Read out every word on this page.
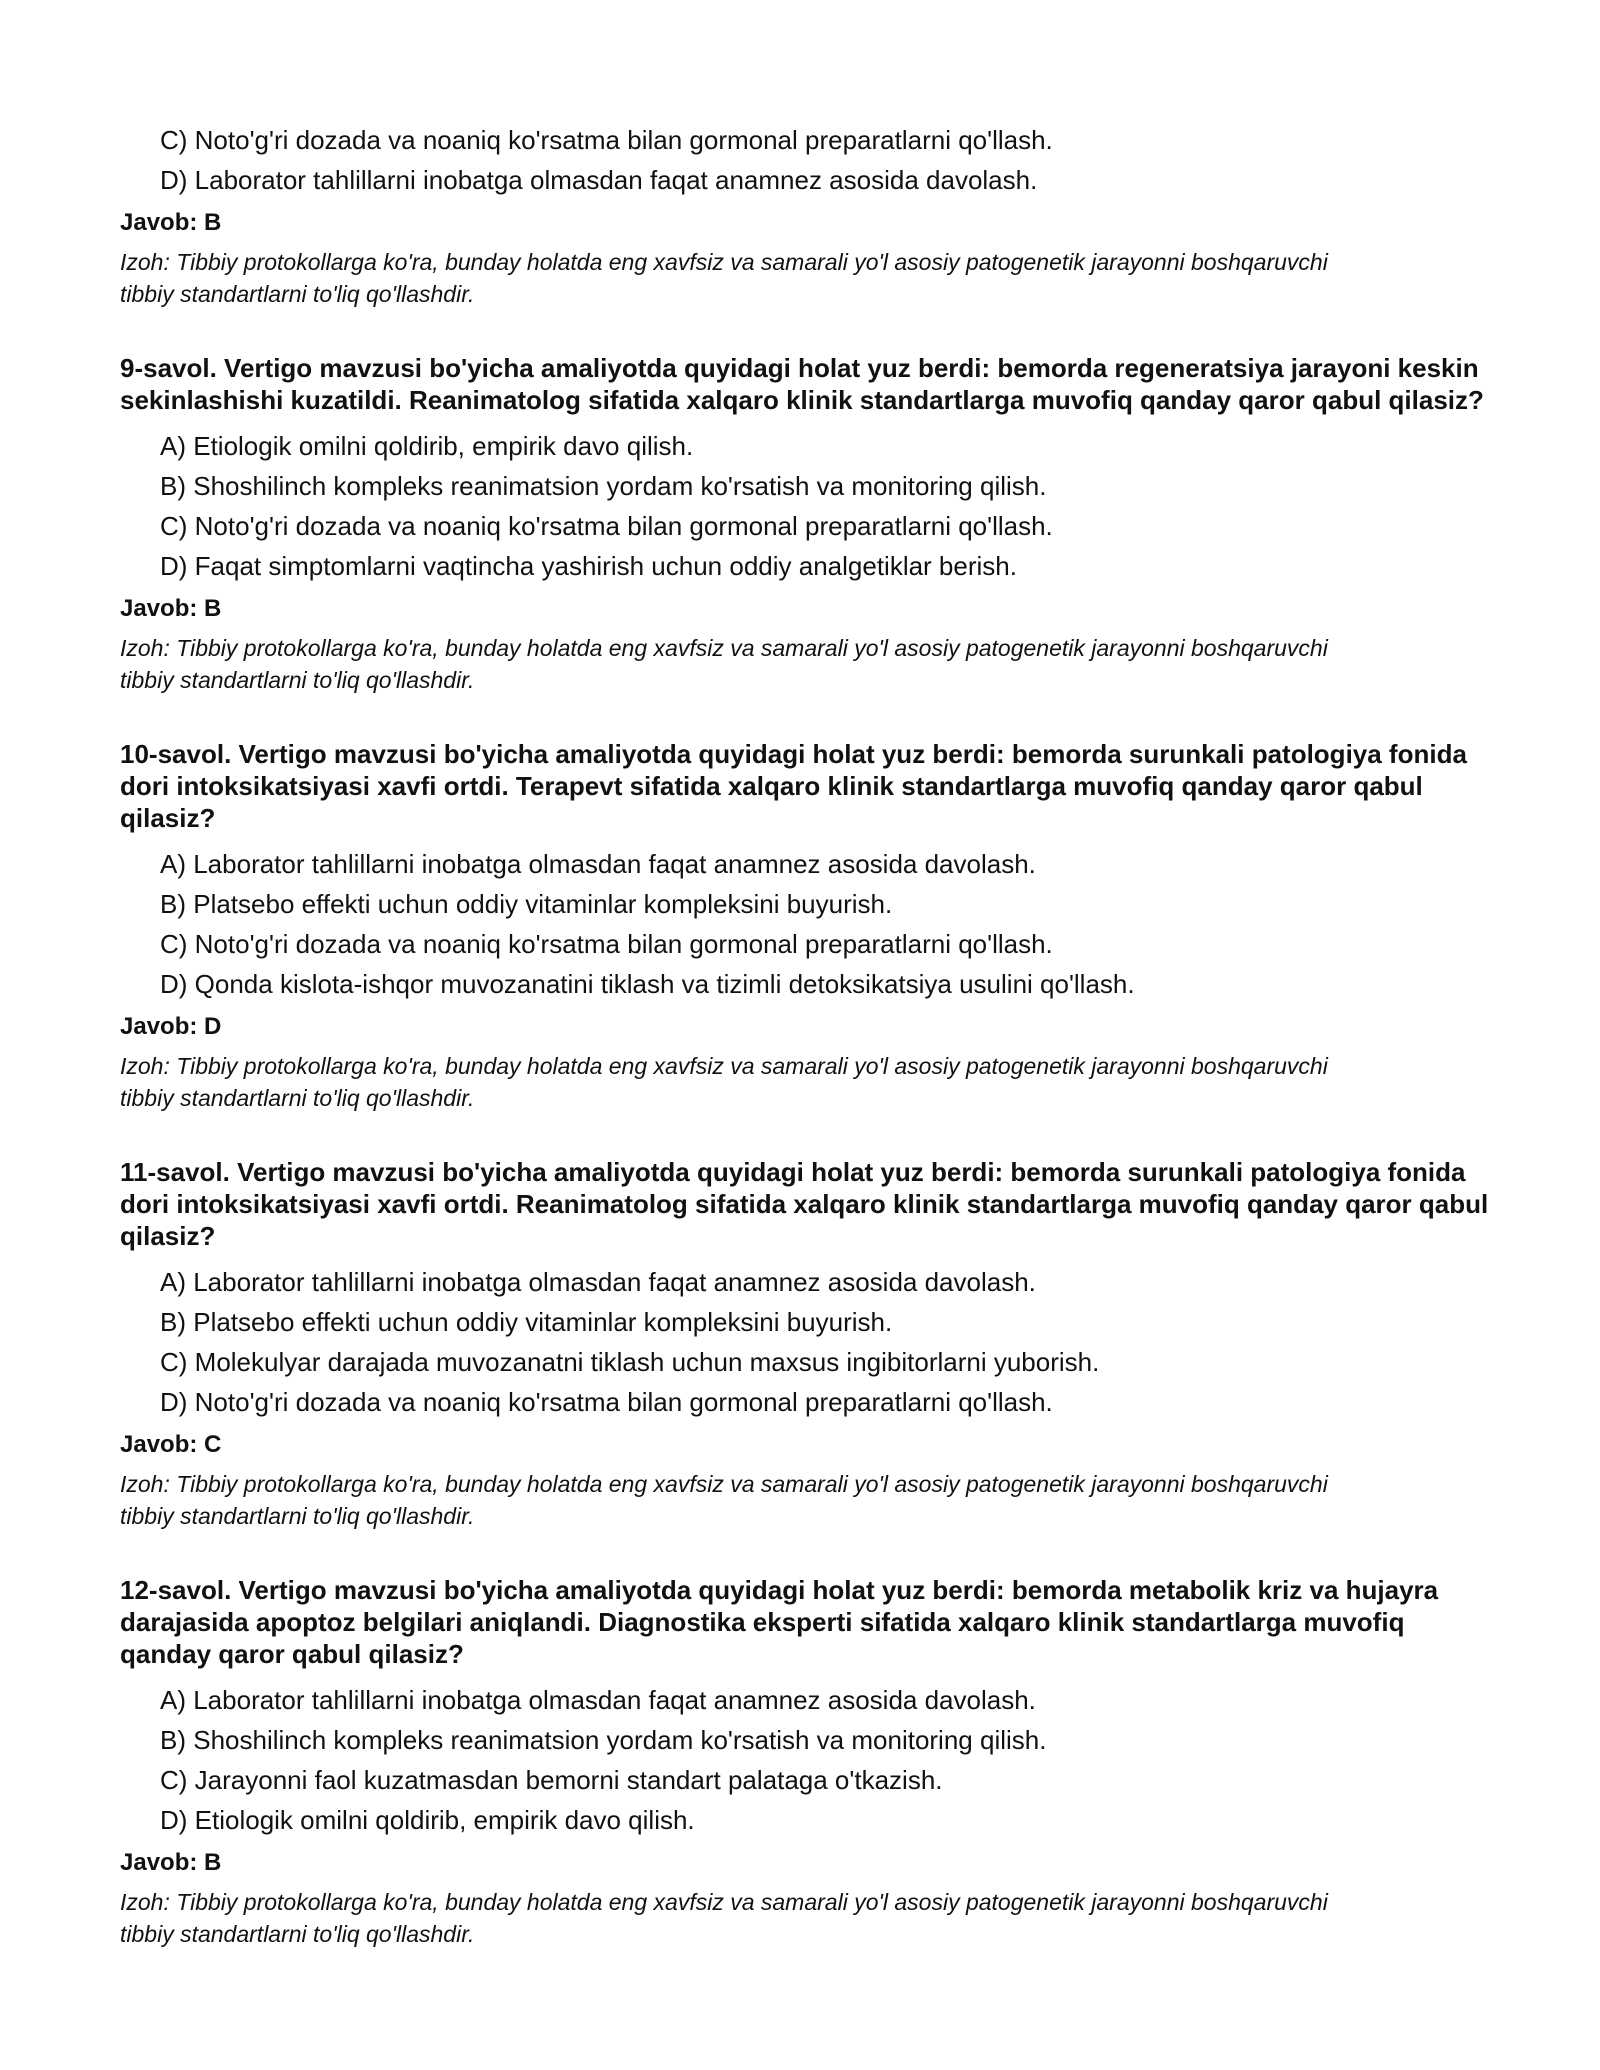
C) Noto'g'ri dozada va noaniq ko'rsatma bilan gormonal preparatlarni qo'llash.
D) Laborator tahlillarni inobatga olmasdan faqat anamnez asosida davolash.
Javob: B
Izoh: Tibbiy protokollarga ko'ra, bunday holatda eng xavfsiz va samarali yo'l asosiy patogenetik jarayonni boshqaruvchi tibbiy standartlarni to'liq qo'llashdir.
9-savol. Vertigo mavzusi bo'yicha amaliyotda quyidagi holat yuz berdi: bemorda regeneratsiya jarayoni keskin sekinlashishi kuzatildi. Reanimatolog sifatida xalqaro klinik standartlarga muvofiq qanday qaror qabul qilasiz?
A) Etiologik omilni qoldirib, empirik davo qilish.
B) Shoshilinch kompleks reanimatsion yordam ko'rsatish va monitoring qilish.
C) Noto'g'ri dozada va noaniq ko'rsatma bilan gormonal preparatlarni qo'llash.
D) Faqat simptomlarni vaqtincha yashirish uchun oddiy analgetiklar berish.
Javob: B
Izoh: Tibbiy protokollarga ko'ra, bunday holatda eng xavfsiz va samarali yo'l asosiy patogenetik jarayonni boshqaruvchi tibbiy standartlarni to'liq qo'llashdir.
10-savol. Vertigo mavzusi bo'yicha amaliyotda quyidagi holat yuz berdi: bemorda surunkali patologiya fonida dori intoksikatsiyasi xavfi ortdi. Terapevt sifatida xalqaro klinik standartlarga muvofiq qanday qaror qabul qilasiz?
A) Laborator tahlillarni inobatga olmasdan faqat anamnez asosida davolash.
B) Platsebo effekti uchun oddiy vitaminlar kompleksini buyurish.
C) Noto'g'ri dozada va noaniq ko'rsatma bilan gormonal preparatlarni qo'llash.
D) Qonda kislota-ishqor muvozanatini tiklash va tizimli detoksikatsiya usulini qo'llash.
Javob: D
Izoh: Tibbiy protokollarga ko'ra, bunday holatda eng xavfsiz va samarali yo'l asosiy patogenetik jarayonni boshqaruvchi tibbiy standartlarni to'liq qo'llashdir.
11-savol. Vertigo mavzusi bo'yicha amaliyotda quyidagi holat yuz berdi: bemorda surunkali patologiya fonida dori intoksikatsiyasi xavfi ortdi. Reanimatolog sifatida xalqaro klinik standartlarga muvofiq qanday qaror qabul qilasiz?
A) Laborator tahlillarni inobatga olmasdan faqat anamnez asosida davolash.
B) Platsebo effekti uchun oddiy vitaminlar kompleksini buyurish.
C) Molekulyar darajada muvozanatni tiklash uchun maxsus ingibitorlarni yuborish.
D) Noto'g'ri dozada va noaniq ko'rsatma bilan gormonal preparatlarni qo'llash.
Javob: C
Izoh: Tibbiy protokollarga ko'ra, bunday holatda eng xavfsiz va samarali yo'l asosiy patogenetik jarayonni boshqaruvchi tibbiy standartlarni to'liq qo'llashdir.
12-savol. Vertigo mavzusi bo'yicha amaliyotda quyidagi holat yuz berdi: bemorda metabolik kriz va hujayra darajasida apoptoz belgilari aniqlandi. Diagnostika eksperti sifatida xalqaro klinik standartlarga muvofiq qanday qaror qabul qilasiz?
A) Laborator tahlillarni inobatga olmasdan faqat anamnez asosida davolash.
B) Shoshilinch kompleks reanimatsion yordam ko'rsatish va monitoring qilish.
C) Jarayonni faol kuzatmasdan bemorni standart palataga o'tkazish.
D) Etiologik omilni qoldirib, empirik davo qilish.
Javob: B
Izoh: Tibbiy protokollarga ko'ra, bunday holatda eng xavfsiz va samarali yo'l asosiy patogenetik jarayonni boshqaruvchi tibbiy standartlarni to'liq qo'llashdir.
